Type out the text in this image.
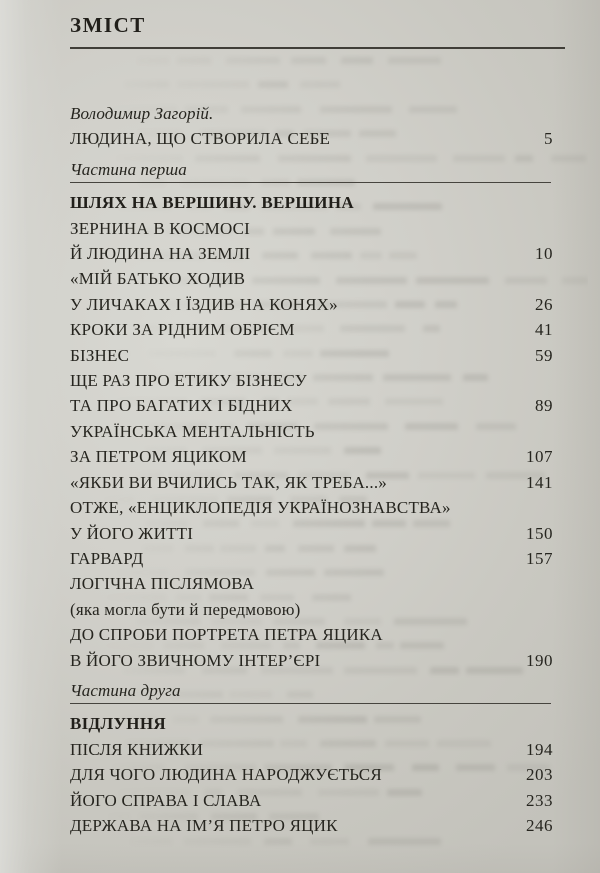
ЗМІСТ
Володимир Загорій.
ЛЮДИНА, ЩО СТВОРИЛА СЕБЕ	5
Частина перша
ШЛЯХ НА ВЕРШИНУ. ВЕРШИНА
ЗЕРНИНА В КОСМОСІ
Й ЛЮДИНА НА ЗЕМЛІ	10
«МІЙ БАТЬКО ХОДИВ
У ЛИЧАКАХ І ЇЗДИВ НА КОНЯХ»	26
КРОКИ ЗА РІДНИМ ОБРІЄМ	41
БІЗНЕС	59
ЩЕ РАЗ ПРО ЕТИКУ БІЗНЕСУ
ТА ПРО БАГАТИХ І БІДНИХ	89
УКРАЇНСЬКА МЕНТАЛЬНІСТЬ
ЗА ПЕТРОМ ЯЦИКОМ	107
«ЯКБИ ВИ ВЧИЛИСЬ ТАК, ЯК ТРЕБА...»	141
ОТЖЕ, «ЕНЦИКЛОПЕДІЯ УКРАЇНОЗНАВСТВА»
У ЙОГО ЖИТТІ	150
ГАРВАРД	157
ЛОГІЧНА ПІСЛЯМОВА
(яка могла бути й передмовою)
ДО СПРОБИ ПОРТРЕТА ПЕТРА ЯЦИКА
В ЙОГО ЗВИЧНОМУ ІНТЕР’ЄРІ	190
Частина друга
ВІДЛУННЯ
ПІСЛЯ КНИЖКИ	194
ДЛЯ ЧОГО ЛЮДИНА НАРОДЖУЄТЬСЯ	203
ЙОГО СПРАВА І СЛАВА	233
ДЕРЖАВА НА ІМ’Я ПЕТРО ЯЦИК	246
